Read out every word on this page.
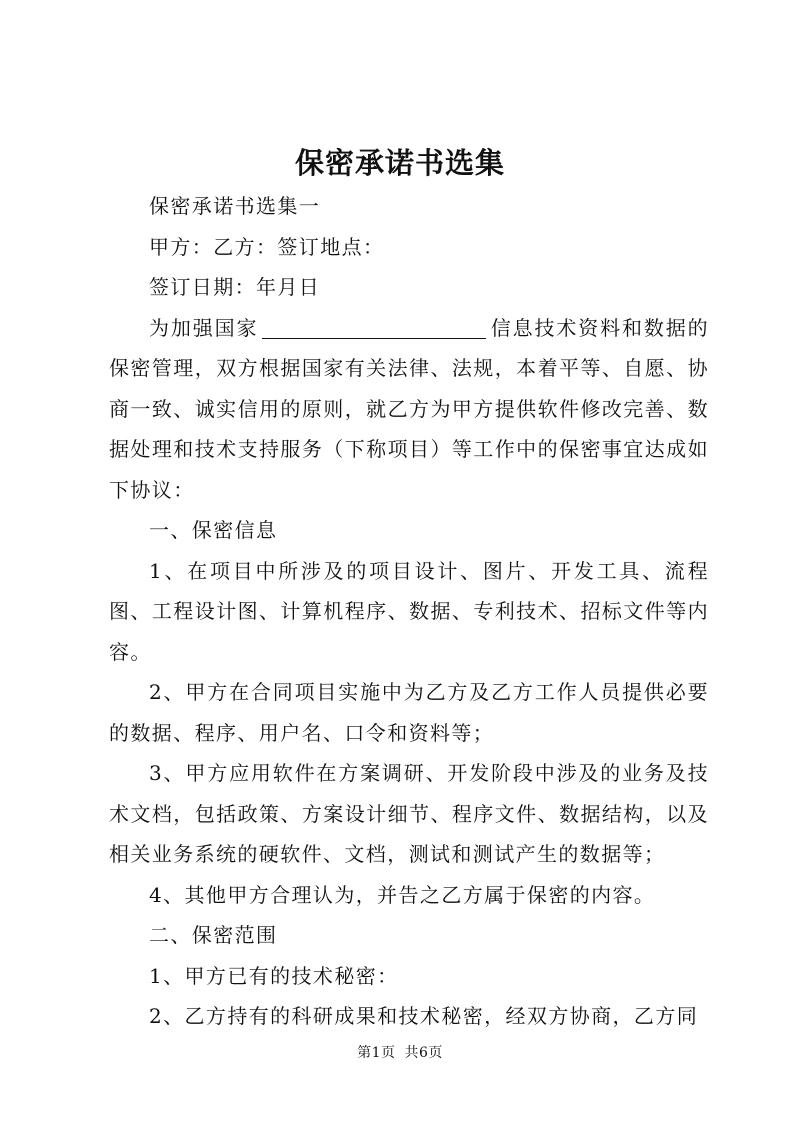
保密承诺书选集

保密承诺书选集一

甲方：乙方：签订地点：

签订日期：年月日

为加强国家	信息技术资料和数据的保密管理，双方根据国家有关法律、法规，本着平等、自愿、协商一致、诚实信用的原则，就乙方为甲方提供软件修改完善、数据处理和技术支持服务（下称项目）等工作中的保密事宜达成如下协议：

一、保密信息

1、在项目中所涉及的项目设计、图片、开发工具、流程图、工程设计图、计算机程序、数据、专利技术、招标文件等内容。

2、甲方在合同项目实施中为乙方及乙方工作人员提供必要的数据、程序、用户名、口令和资料等；

3、甲方应用软件在方案调研、开发阶段中涉及的业务及技术文档，包括政策、方案设计细节、程序文件、数据结构，以及相关业务系统的硬软件、文档，测试和测试产生的数据等；

4、其他甲方合理认为，并告之乙方属于保密的内容。

二、保密范围

1、甲方已有的技术秘密：

2、乙方持有的科研成果和技术秘密，经双方协商，乙方同

第1页 共6页
